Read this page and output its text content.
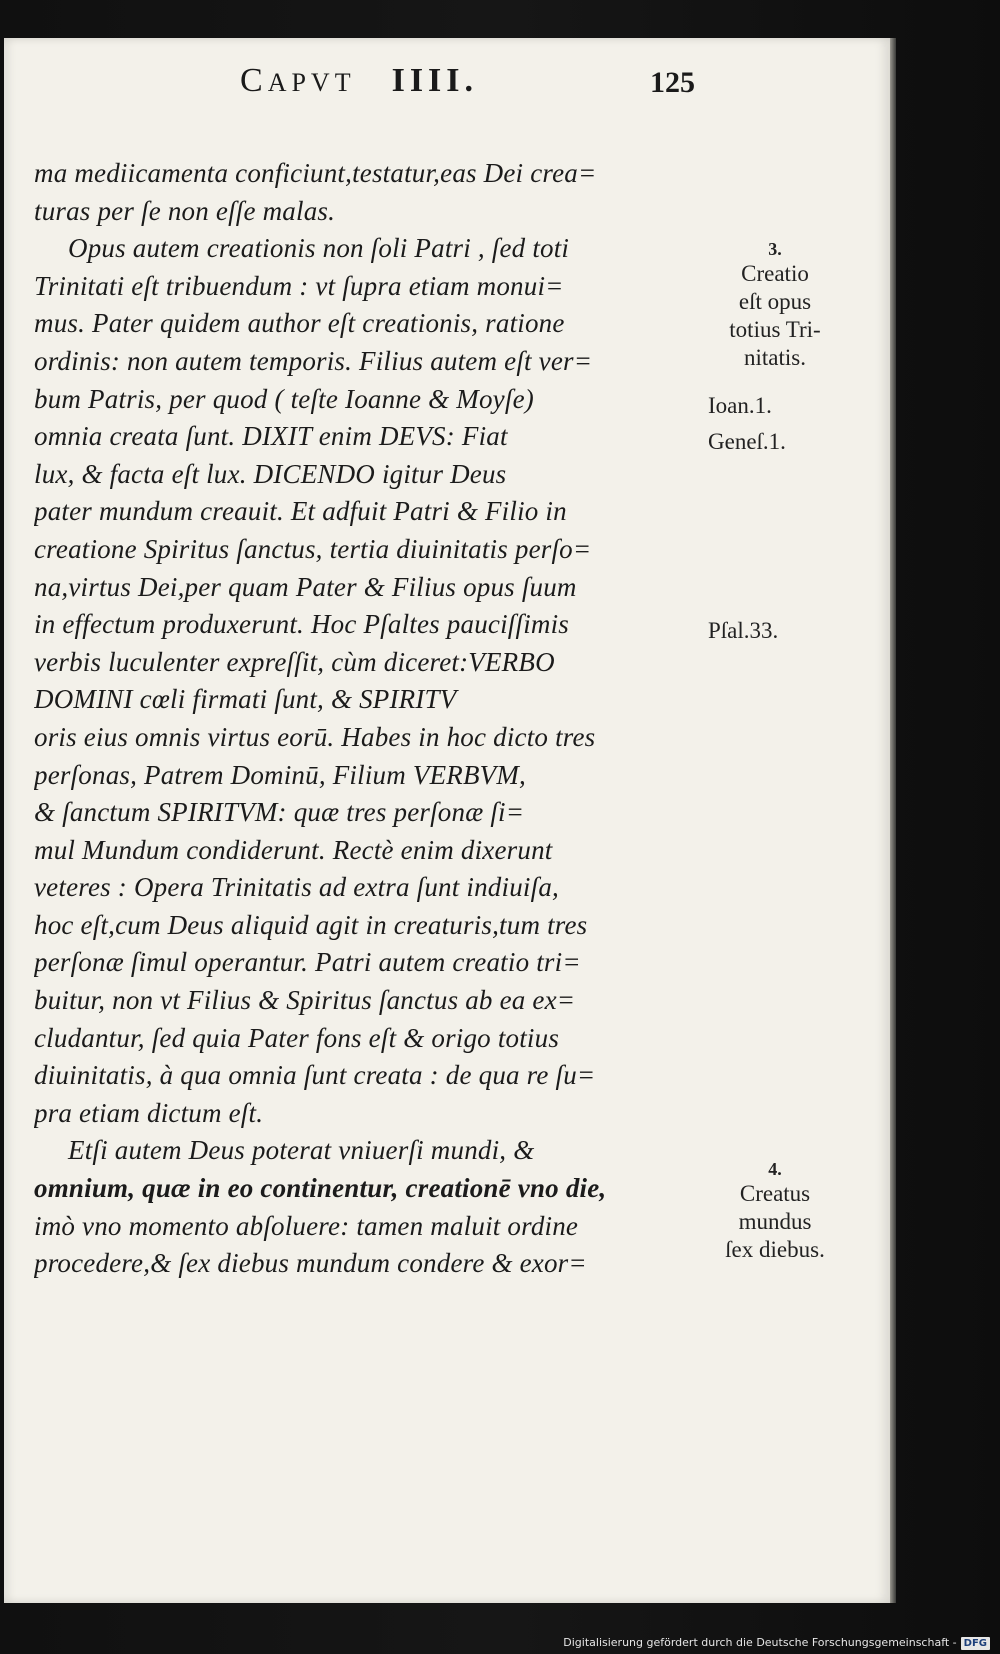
CAPVT IIII.	125
ma mediicamenta conficiunt,testatur,eas Dei crea=
turas per ſe non eſſe malas.
Opus autem creationis non ſoli Patri , ſed toti
Trinitati eſt tribuendum : vt ſupra etiam monui=
mus. Pater quidem author eſt creationis, ratione
ordinis: non autem temporis. Filius autem eſt ver=
bum Patris, per quod ( teſte Ioanne & Moyſe)
omnia creata ſunt. DIXIT enim DEVS: Fiat
lux, & facta eſt lux. DICENDO igitur Deus
pater mundum creauit. Et adfuit Patri & Filio in
creatione Spiritus ſanctus, tertia diuinitatis perſo=
na,virtus Dei,per quam Pater & Filius opus ſuum
in effectum produxerunt. Hoc Pſaltes pauciſſimis
verbis luculenter expreſſit, cùm diceret:VERBO
DOMINI cœli firmati ſunt, & SPIRITV
oris eius omnis virtus eorū. Habes in hoc dicto tres
perſonas, Patrem Dominū, Filium VERBVM,
& ſanctum SPIRITVM: quæ tres perſonæ ſi=
mul Mundum condiderunt. Rectè enim dixerunt
veteres : Opera Trinitatis ad extra ſunt indiuiſa,
hoc eſt,cum Deus aliquid agit in creaturis,tum tres
perſonæ ſimul operantur. Patri autem creatio tri=
buitur, non vt Filius & Spiritus ſanctus ab ea ex=
cludantur, ſed quia Pater fons eſt & origo totius
diuinitatis, à qua omnia ſunt creata : de qua re ſu=
pra etiam dictum eſt.
Etſi autem Deus poterat vniuerſi mundi, &
omnium, quæ in eo continentur, creationē vno die,
imò vno momento abſoluere: tamen maluit ordine
procedere,& ſex diebus mundum condere & exor=
3.
Creatio
eſt opus
totius Tri-
nitatis.
Ioan.1.
Geneſ.1.
Pſal.33.
4.
Creatus
mundus
ſex diebus.
Digitalisierung gefördert durch die Deutsche Forschungsgemeinschaft - DFG
